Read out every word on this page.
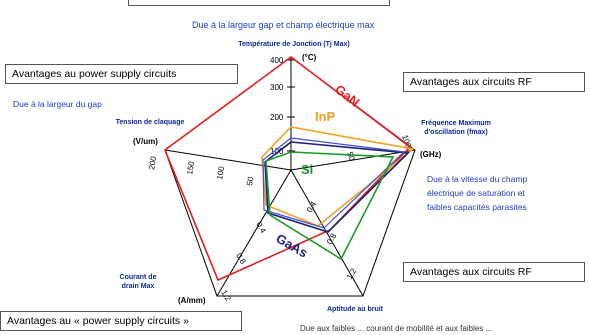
Due à la largeur gap et champ électrique max
Avantages au power supply circuits
Avantages aux circuits RF
Avantages aux circuits RF
Avantages au « power supply circuits »
Due à la largeur du gap
Due à la vitesse du champ
électrique de saturation et
faibles capacités parasites
Due aux faibles ... courant de mobilité et aux faibles ...
Température de Jonction (Tj Max)
Fréquence Maximum d'oscillation (fmax)
Tension de claquage
Courant de drain Max
Aptitude au bruit
400
300
200
100
(°C)
100
50	(GHz)
200	150 100
50
(V/um)
1.2
0.8
0.4
(A/mm)
0.4
0.8
1.2
GaN
InP
Si
GaAs
